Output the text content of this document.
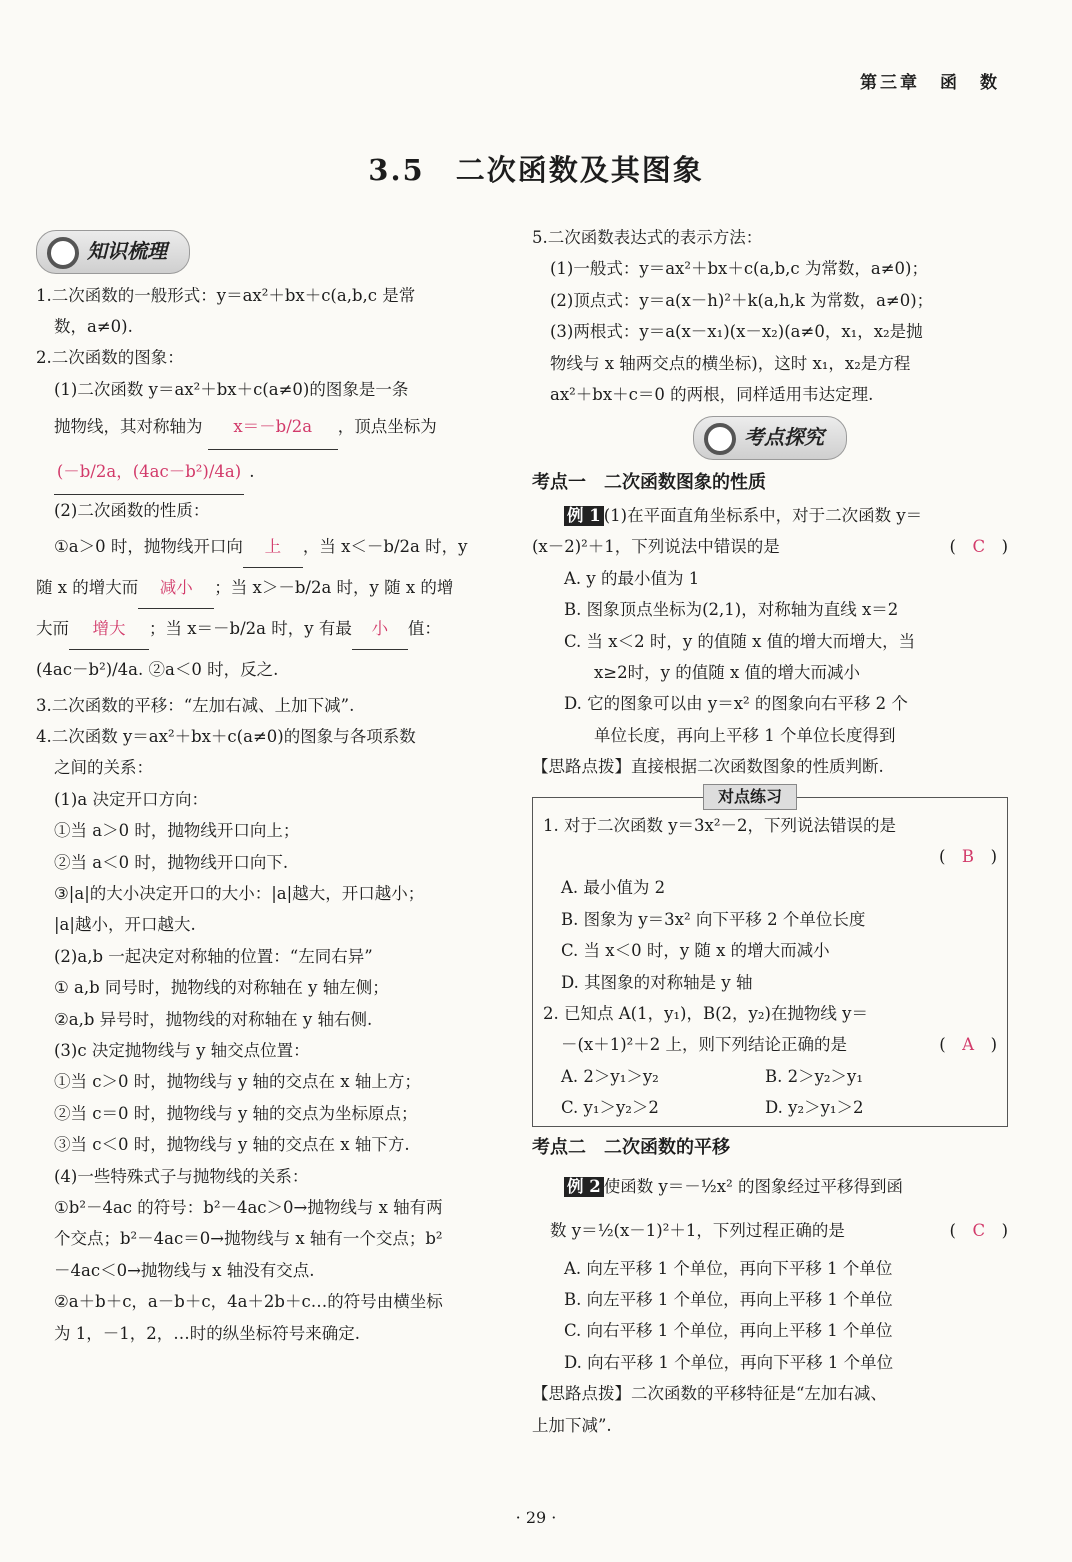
第三章　函　数
3.5　二次函数及其图象
知识梳理
1.二次函数的一般形式：y＝ax²＋bx＋c(a,b,c 是常
数，a≠0).
2.二次函数的图象：
(1)二次函数 y＝ax²＋bx＋c(a≠0)的图象是一条
抛物线，其对称轴为 x＝－b/2a ，顶点坐标为
(－b/2a，(4ac－b²)/4a) .
(2)二次函数的性质：
①a＞0 时，抛物线开口向 上 ，当 x＜－b/2a 时，y
随 x 的增大而 减小 ；当 x＞－b/2a 时，y 随 x 的增
大而 增大 ；当 x＝－b/2a 时，y 有最 小 值：
(4ac－b²)/4a. ②a＜0 时，反之.
3.二次函数的平移：“左加右减、上加下减”.
4.二次函数 y＝ax²＋bx＋c(a≠0)的图象与各项系数
之间的关系：
(1)a 决定开口方向：
①当 a＞0 时，抛物线开口向上；
②当 a＜0 时，抛物线开口向下.
③|a|的大小决定开口的大小：|a|越大，开口越小；
|a|越小，开口越大.
(2)a,b 一起决定对称轴的位置：“左同右异”
① a,b 同号时，抛物线的对称轴在 y 轴左侧；
②a,b 异号时，抛物线的对称轴在 y 轴右侧.
(3)c 决定抛物线与 y 轴交点位置：
①当 c＞0 时，抛物线与 y 轴的交点在 x 轴上方；
②当 c＝0 时，抛物线与 y 轴的交点为坐标原点；
③当 c＜0 时，抛物线与 y 轴的交点在 x 轴下方.
(4)一些特殊式子与抛物线的关系：
①b²－4ac 的符号：b²－4ac＞0→抛物线与 x 轴有两
个交点；b²－4ac＝0→抛物线与 x 轴有一个交点；b²
－4ac＜0→抛物线与 x 轴没有交点.
②a＋b＋c，a－b＋c，4a＋2b＋c…的符号由横坐标
为 1，－1，2，…时的纵坐标符号来确定.
5.二次函数表达式的表示方法：
(1)一般式：y＝ax²＋bx＋c(a,b,c 为常数，a≠0)；
(2)顶点式：y＝a(x－h)²＋k(a,h,k 为常数，a≠0)；
(3)两根式：y＝a(x－x₁)(x－x₂)(a≠0，x₁，x₂是抛
物线与 x 轴两交点的横坐标)，这时 x₁，x₂是方程
ax²＋bx＋c＝0 的两根，同样适用韦达定理.
考点探究
考点一　二次函数图象的性质
例 1 (1)在平面直角坐标系中，对于二次函数 y＝
(x－2)²＋1，下列说法中错误的是	(　C　)
A. y 的最小值为 1
B. 图象顶点坐标为(2,1)，对称轴为直线 x＝2
C. 当 x＜2 时，y 的值随 x 值的增大而增大，当
x≥2时，y 的值随 x 值的增大而减小
D. 它的图象可以由 y＝x² 的图象向右平移 2 个
单位长度，再向上平移 1 个单位长度得到
【思路点拨】直接根据二次函数图象的性质判断.
对点练习
1. 对于二次函数 y＝3x²－2，下列说法错误的是
(　B　)
A. 最小值为 2
B. 图象为 y＝3x² 向下平移 2 个单位长度
C. 当 x＜0 时，y 随 x 的增大而减小
D. 其图象的对称轴是 y 轴
2. 已知点 A(1，y₁)，B(2，y₂)在抛物线 y＝
－(x＋1)²＋2 上，则下列结论正确的是	(　A　)
A. 2＞y₁＞y₂	B. 2＞y₂＞y₁
C. y₁＞y₂＞2	D. y₂＞y₁＞2
考点二　二次函数的平移
例 2 使函数 y＝－½x² 的图象经过平移得到函
数 y＝½(x－1)²＋1，下列过程正确的是	(　C　)
A. 向左平移 1 个单位，再向下平移 1 个单位
B. 向左平移 1 个单位，再向上平移 1 个单位
C. 向右平移 1 个单位，再向上平移 1 个单位
D. 向右平移 1 个单位，再向下平移 1 个单位
【思路点拨】二次函数的平移特征是“左加右减、
上加下减”.
· 29 ·
